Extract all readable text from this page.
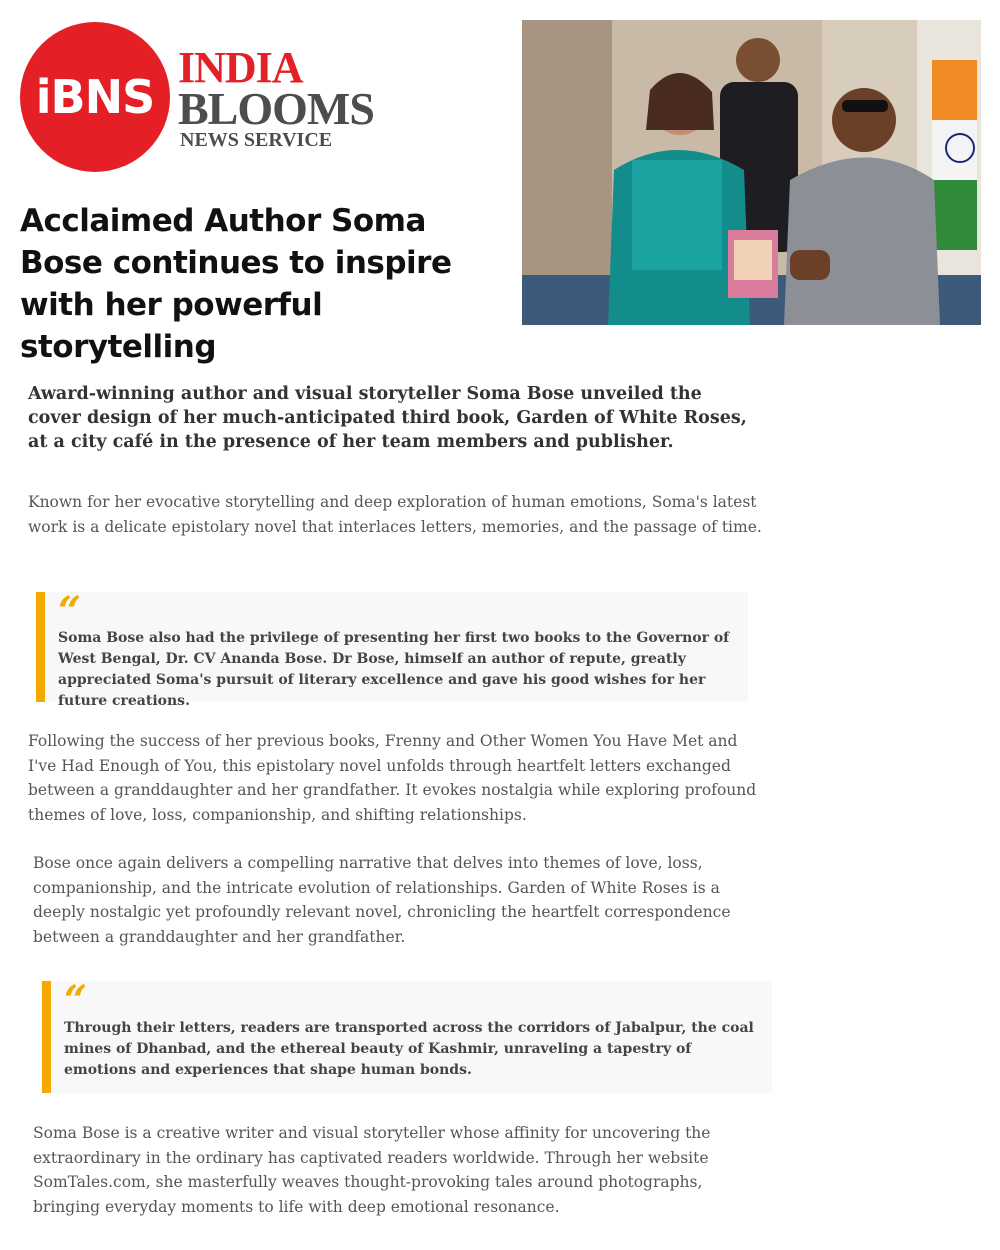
iBNS
INDIA
BLOOMS
NEWS SERVICE
Acclaimed Author Soma Bose continues to inspire with her powerful storytelling

Award-winning author and visual storyteller Soma Bose unveiled the cover design of her much-anticipated third book, Garden of White Roses, at a city café in the presence of her team members and publisher.

Known for her evocative storytelling and deep exploration of human emotions, Soma's latest work is a delicate epistolary novel that interlaces letters, memories, and the passage of time.

“

Soma Bose also had the privilege of presenting her first two books to the Governor of West Bengal, Dr. CV Ananda Bose. Dr Bose, himself an author of repute, greatly appreciated Soma's pursuit of literary excellence and gave his good wishes for her future creations.

Following the success of her previous books, Frenny and Other Women You Have Met and I've Had Enough of You, this epistolary novel unfolds through heartfelt letters exchanged between a granddaughter and her grandfather. It evokes nostalgia while exploring profound themes of love, loss, companionship, and shifting relationships.

Bose once again delivers a compelling narrative that delves into themes of love, loss, companionship, and the intricate evolution of relationships. Garden of White Roses is a deeply nostalgic yet profoundly relevant novel, chronicling the heartfelt correspondence between a granddaughter and her grandfather.

“

Through their letters, readers are transported across the corridors of Jabalpur, the coal mines of Dhanbad, and the ethereal beauty of Kashmir, unraveling a tapestry of emotions and experiences that shape human bonds.

Soma Bose is a creative writer and visual storyteller whose affinity for uncovering the extraordinary in the ordinary has captivated readers worldwide. Through her website SomTales.com, she masterfully weaves thought-provoking tales around photographs, bringing everyday moments to life with deep emotional resonance.
